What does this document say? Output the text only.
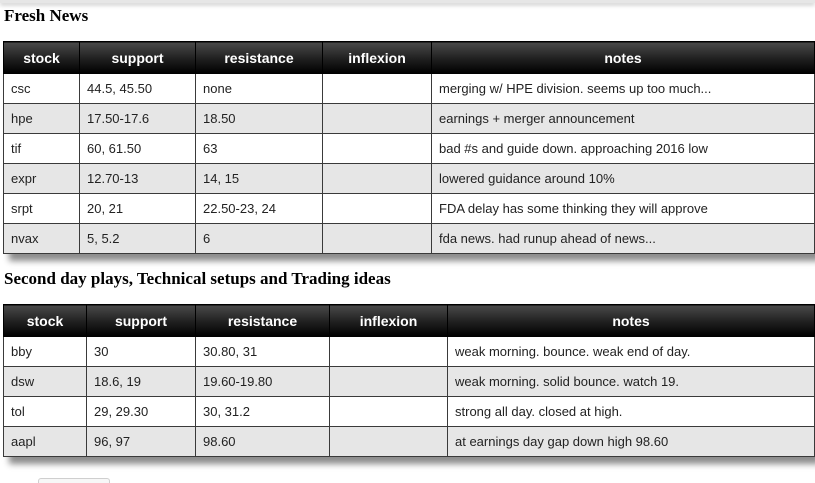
Fresh News
stock	support	resistance	inflexion	notes
csc	44.5, 45.50	none		merging w/ HPE division. seems up too much...
hpe	17.50-17.6	18.50		earnings + merger announcement
tif	60, 61.50	63		bad #s and guide down. approaching 2016 low
expr	12.70-13	14, 15		lowered guidance around 10%
srpt	20, 21	22.50-23, 24		FDA delay has some thinking they will approve
nvax	5, 5.2	6		fda news. had runup ahead of news...
Second day plays, Technical setups and Trading ideas
stock	support	resistance	inflexion	notes
bby	30	30.80, 31		weak morning. bounce. weak end of day.
dsw	18.6, 19	19.60-19.80		weak morning. solid bounce. watch 19.
tol	29, 29.30	30, 31.2		strong all day. closed at high.
aapl	96, 97	98.60		at earnings day gap down high 98.60
